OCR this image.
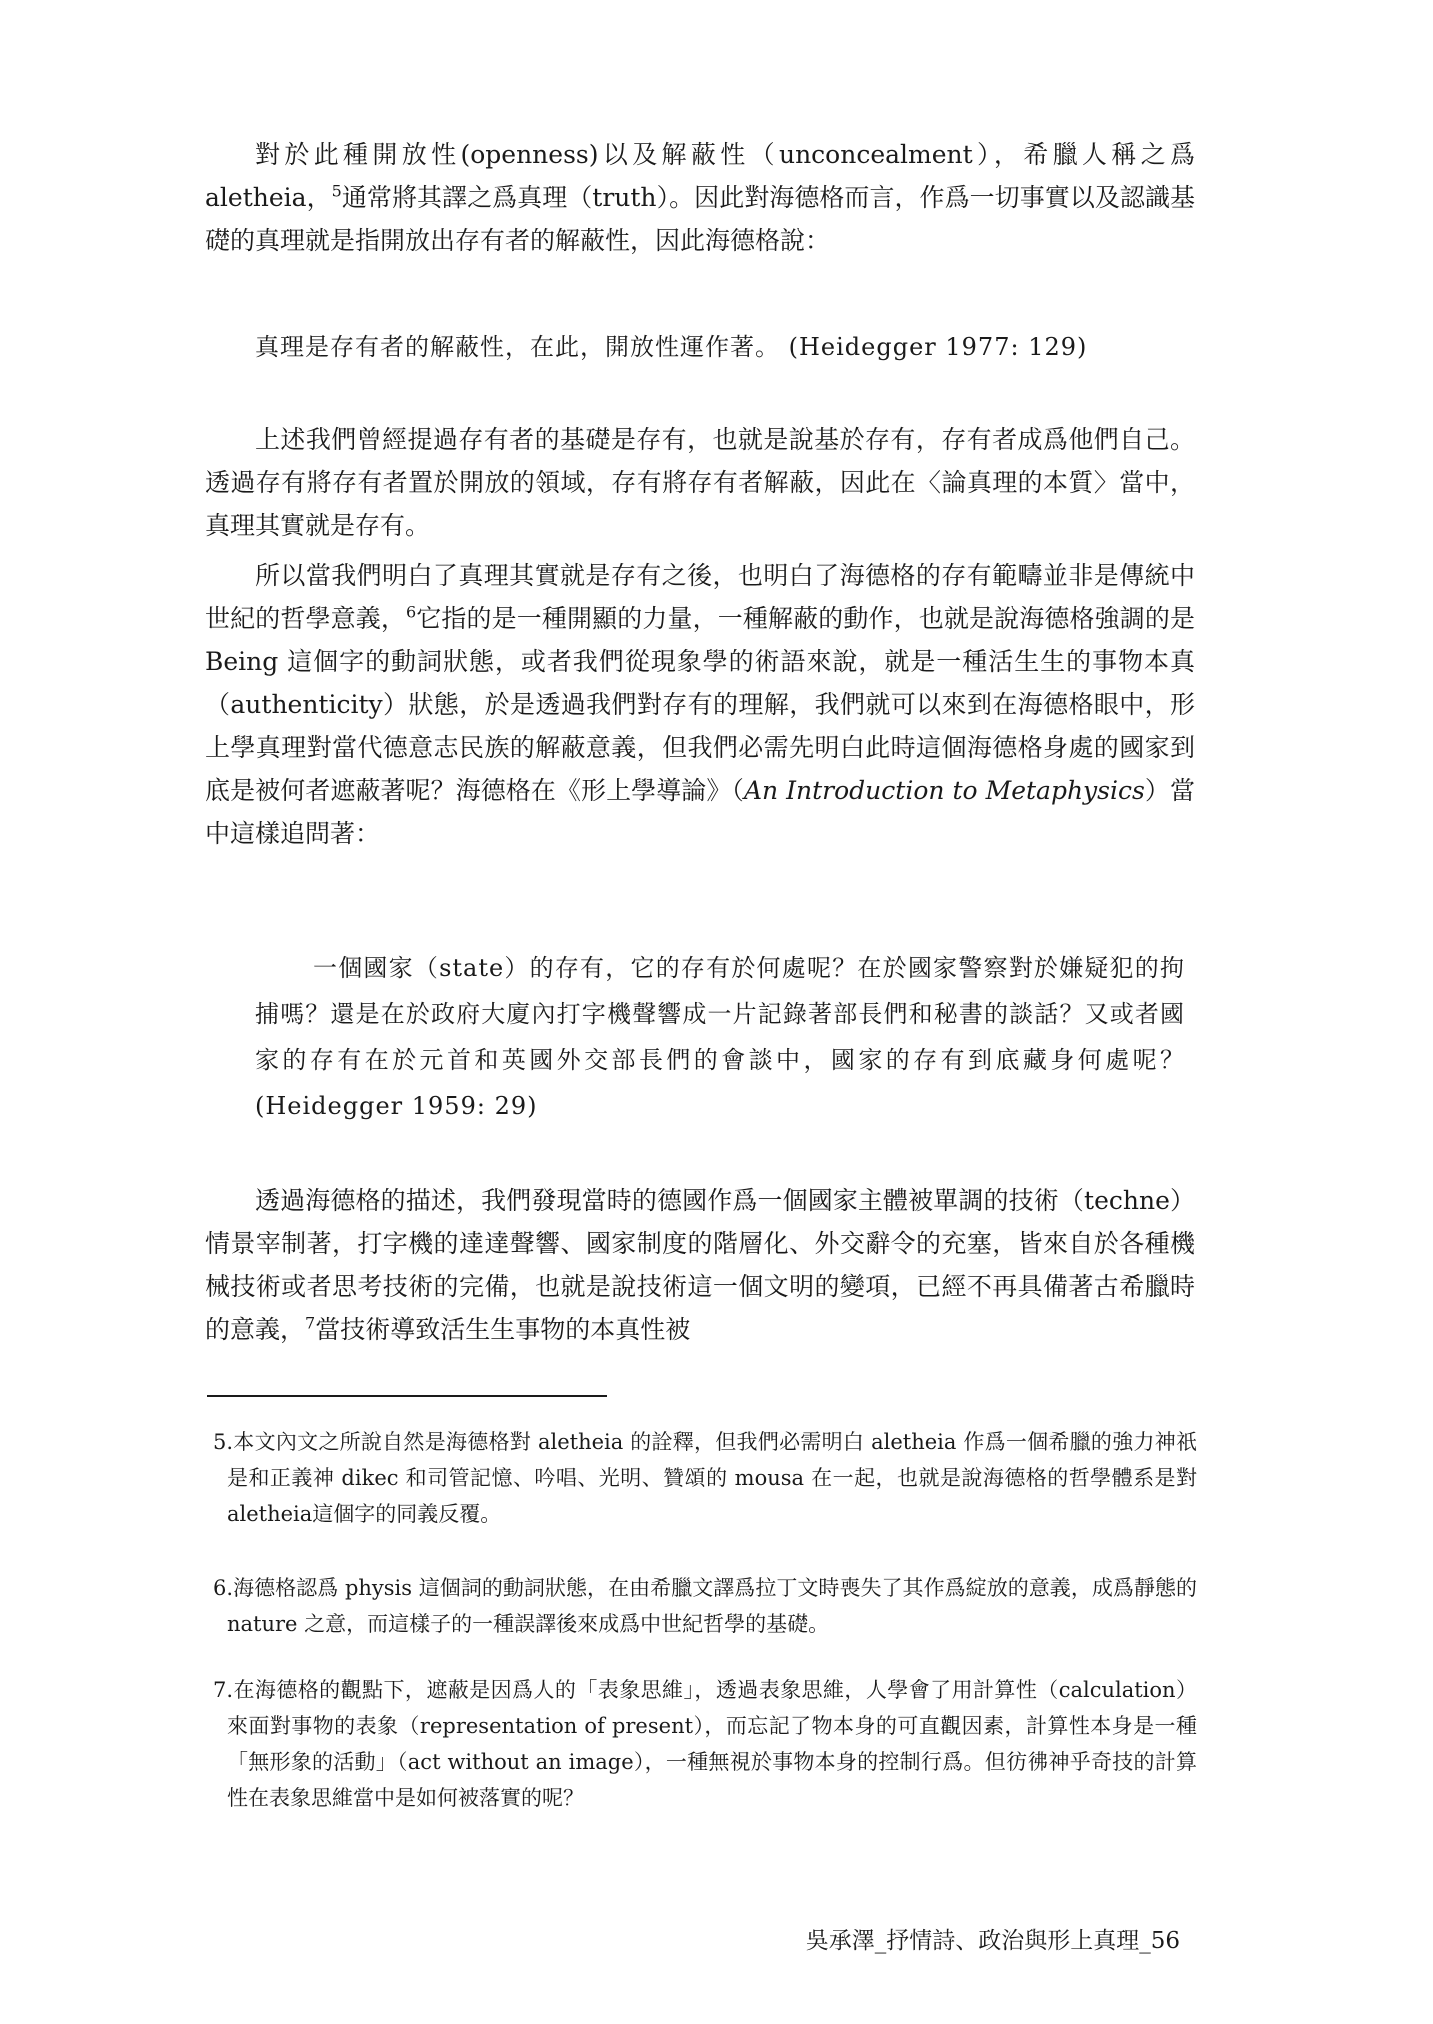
對於此種開放性(openness)以及解蔽性（unconcealment），希臘人稱之爲 aletheia，$^5$通常將其譯之爲真理（truth）。因此對海德格而言，作爲一切事實以及認識基礎的真理就是指開放出存有者的解蔽性，因此海德格說：

真理是存有者的解蔽性，在此，開放性運作著。 (Heidegger 1977: 129)

上述我們曾經提過存有者的基礎是存有，也就是說基於存有，存有者成爲他們自己。透過存有將存有者置於開放的領域，存有將存有者解蔽，因此在〈論真理的本質〉當中，真理其實就是存有。

所以當我們明白了真理其實就是存有之後，也明白了海德格的存有範疇並非是傳統中世紀的哲學意義，$^6$它指的是一種開顯的力量，一種解蔽的動作，也就是說海德格強調的是 Being 這個字的動詞狀態，或者我們從現象學的術語來說，就是一種活生生的事物本真（authenticity）狀態，於是透過我們對存有的理解，我們就可以來到在海德格眼中，形上學真理對當代德意志民族的解蔽意義，但我們必需先明白此時這個海德格身處的國家到底是被何者遮蔽著呢？海德格在《形上學導論》（An Introduction to Metaphysics）當中這樣追問著：

一個國家（state）的存有，它的存有於何處呢？在於國家警察對於嫌疑犯的拘捕嗎？還是在於政府大廈內打字機聲響成一片記錄著部長們和秘書的談話？又或者國家的存有在於元首和英國外交部長們的會談中，國家的存有到底藏身何處呢？ (Heidegger 1959: 29)

透過海德格的描述，我們發現當時的德國作爲一個國家主體被單調的技術（techne）情景宰制著，打字機的達達聲響、國家制度的階層化、外交辭令的充塞，皆來自於各種機械技術或者思考技術的完備，也就是說技術這一個文明的變項，已經不再具備著古希臘時的意義，$^7$當技術導致活生生事物的本真性被

5.本文內文之所說自然是海德格對 aletheia 的詮釋，但我們必需明白 aletheia 作爲一個希臘的強力神祇是和正義神 dikec 和司管記憶、吟唱、光明、贊頌的 mousa 在一起，也就是說海德格的哲學體系是對 aletheia這個字的同義反覆。

6.海德格認爲 physis 這個詞的動詞狀態，在由希臘文譯爲拉丁文時喪失了其作爲綻放的意義，成爲靜態的 nature 之意，而這樣子的一種誤譯後來成爲中世紀哲學的基礎。

7.在海德格的觀點下，遮蔽是因爲人的「表象思維」，透過表象思維，人學會了用計算性（calculation）來面對事物的表象（representation of present），而忘記了物本身的可直觀因素，計算性本身是一種「無形象的活動」（act without an image），一種無視於事物本身的控制行爲。但彷彿神乎奇技的計算性在表象思維當中是如何被落實的呢？

吳承澤_抒情詩、政治與形上真理_56
